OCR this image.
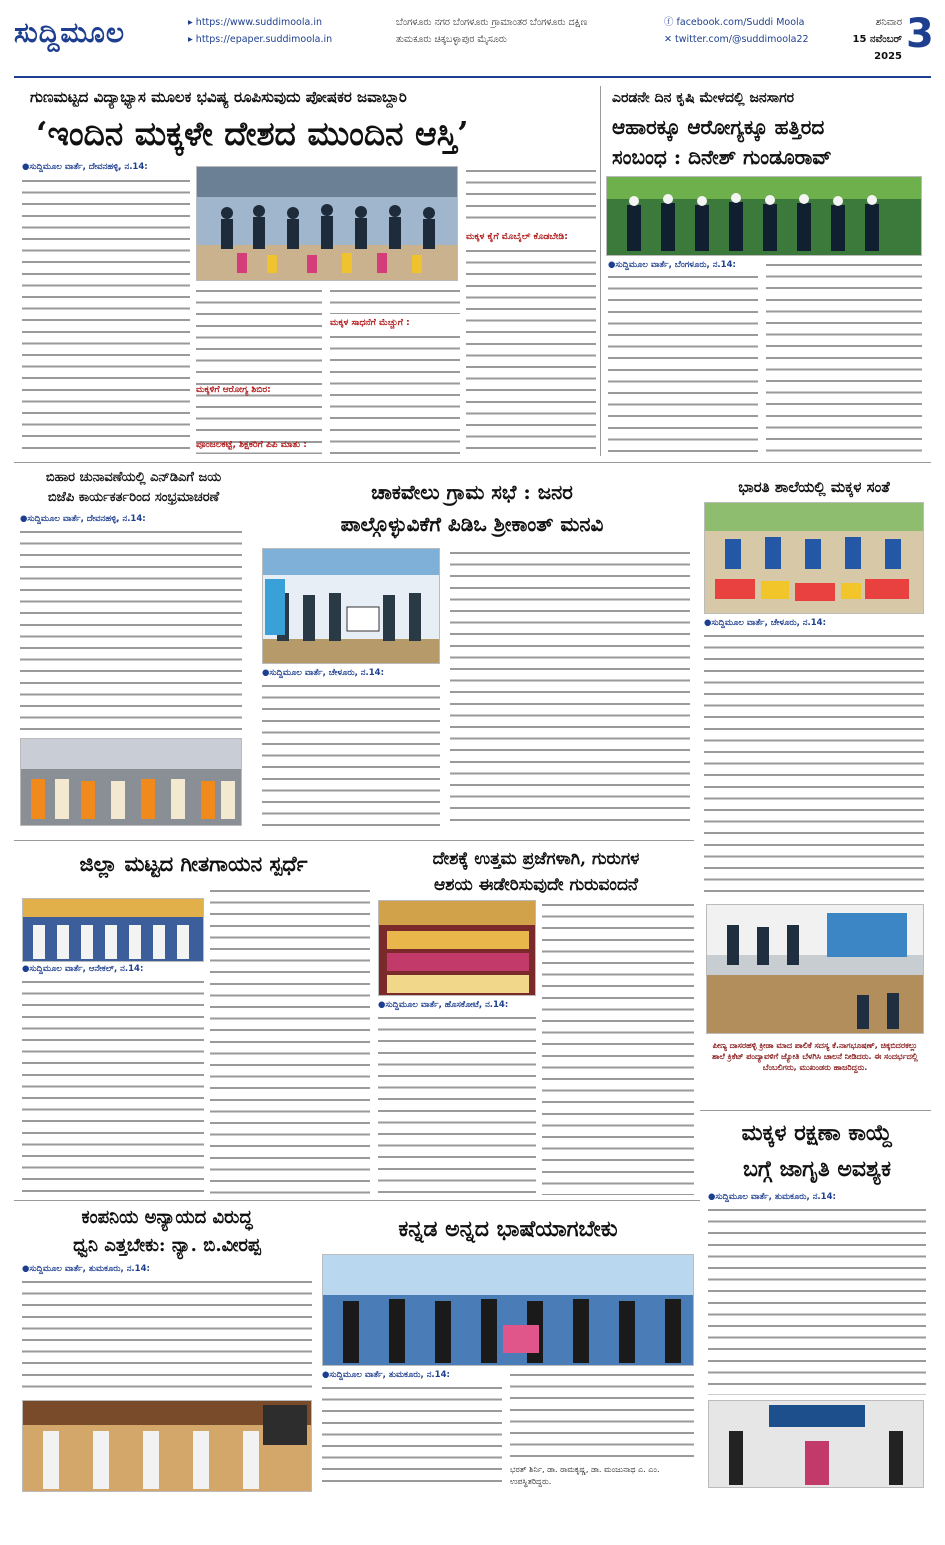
ಸುದ್ದಿಮೂಲ	▸ https://www.suddimoola.in
▸ https://epaper.suddimoola.in
ಬೆಂಗಳೂರು ನಗರ ಬೆಂಗಳೂರು ಗ್ರಾಮಾಂತರ ಬೆಂಗಳೂರು ದಕ್ಷಿಣ
ತುಮಕೂರು ಚಿಕ್ಕಬಳ್ಳಾಪುರ ಮೈಸೂರು
ⓕ facebook.com/Suddi Moola
✕ twitter.com/@suddimoola22
ಶನಿವಾರ
15 ನವೆಂಬರ್ 2025 3
ಗುಣಮಟ್ಟದ ವಿದ್ಯಾಭ್ಯಾಸ ಮೂಲಕ ಭವಿಷ್ಯ ರೂಪಿಸುವುದು ಪೋಷಕರ ಜವಾಬ್ದಾರಿ
‘ಇಂದಿನ ಮಕ್ಕಳೇ ದೇಶದ ಮುಂದಿನ ಆಸ್ತಿ’
●ಸುದ್ದಿಮೂಲ ವಾರ್ತೆ, ದೇವನಹಳ್ಳಿ, ನ.14:
ಮಕ್ಕಳ ಸಾಧನೆಗೆ ಮೆಚ್ಚುಗೆ :
ಮಕ್ಕಳಿಗೆ ಆರೋಗ್ಯ ಶಿಬಿರ:
ಮಕ್ಕಳ ಕೈಗೆ ಮೊಬೈಲ್ ಕೊಡಬೇಡಿ:
ಪೂಂಜಲಕಟ್ಟೆ, ಶಿಕ್ಷಕರಿಗೆ ಪಿಪಿ ಮಾತು :
ಎರಡನೇ ದಿನ ಕೃಷಿ ಮೇಳದಲ್ಲಿ ಜನಸಾಗರ
ಆಹಾರಕ್ಕೂ ಆರೋಗ್ಯಕ್ಕೂ ಹತ್ತಿರದ
ಸಂಬಂಧ : ದಿನೇಶ್ ಗುಂಡೂರಾವ್
●ಸುದ್ದಿಮೂಲ ವಾರ್ತೆ, ಬೆಂಗಳೂರು, ನ.14:
ಬಿಹಾರ ಚುನಾವಣೆಯಲ್ಲಿ ಎನ್‌ಡಿಎಗೆ ಜಯ
ಬಿಜೆಪಿ ಕಾರ್ಯಕರ್ತರಿಂದ ಸಂಭ್ರಮಾಚರಣೆ
●ಸುದ್ದಿಮೂಲ ವಾರ್ತೆ, ದೇವನಹಳ್ಳಿ, ನ.14:
ಚಾಕವೇಲು ಗ್ರಾಮ ಸಭೆ : ಜನರ
ಪಾಲ್ಗೊಳ್ಳುವಿಕೆಗೆ ಪಿಡಿಒ ಶ್ರೀಕಾಂತ್ ಮನವಿ
●ಸುದ್ದಿಮೂಲ ವಾರ್ತೆ, ಚೇಳೂರು, ನ.14:
ಭಾರತಿ ಶಾಲೆಯಲ್ಲಿ ಮಕ್ಕಳ ಸಂತೆ
●ಸುದ್ದಿಮೂಲ ವಾರ್ತೆ, ಚೇಳೂರು, ನ.14:
ಜಿಲ್ಲಾ ಮಟ್ಟದ ಗೀತಗಾಯನ ಸ್ಪರ್ಧೆ
●ಸುದ್ದಿಮೂಲ ವಾರ್ತೆ, ಆನೇಕಲ್, ನ.14:
ದೇಶಕ್ಕೆ ಉತ್ತಮ ಪ್ರಜೆಗಳಾಗಿ, ಗುರುಗಳ
ಆಶಯ ಈಡೇರಿಸುವುದೇ ಗುರುವಂದನೆ
●ಸುದ್ದಿಮೂಲ ವಾರ್ತೆ, ಹೊಸಕೋಟೆ, ನ.14:
ಪೀಣ್ಯ ದಾಸರಹಳ್ಳಿ ಕ್ರೀಡಾ ಮಾದ ಪಾಲಿಕೆ ಸದಸ್ಯ ಕೆ.ನಾಗಭೂಷಣ್, ಚಿಕ್ಕಬಿದರಕಲ್ಲು ಶಾಲೆ ಕ್ರಿಕೆಟ್ ಪಂದ್ಯಾವಳಿಗೆ ಜ್ಯೋತಿ ಬೆಳಗಿಸಿ ಚಾಲನೆ ನೀಡಿದರು. ಈ ಸಂದರ್ಭದಲ್ಲಿ ಬೆಂಬಲಿಗರು, ಮುಖಂಡರು ಹಾಜರಿದ್ದರು.
ಮಕ್ಕಳ ರಕ್ಷಣಾ ಕಾಯ್ದೆ
ಬಗ್ಗೆ ಜಾಗೃತಿ ಅವಶ್ಯಕ
●ಸುದ್ದಿಮೂಲ ವಾರ್ತೆ, ತುಮಕೂರು, ನ.14:
ಕಂಪನಿಯ ಅನ್ಯಾಯದ ವಿರುದ್ಧ
ಧ್ವನಿ ಎತ್ತಬೇಕು: ನ್ಯಾ. ಬಿ.ವೀರಪ್ಪ
●ಸುದ್ದಿಮೂಲ ವಾರ್ತೆ, ತುಮಕೂರು, ನ.14:
ಕನ್ನಡ ಅನ್ನದ ಭಾಷೆಯಾಗಬೇಕು
●ಸುದ್ದಿಮೂಲ ವಾರ್ತೆ, ತುಮಕೂರು, ನ.14:
ಭರತ್ ಶಿರ್ನಿ, ಡಾ. ರಾಮಕೃಷ್ಣ, ಡಾ. ಮಂಜುನಾಥ ಎ. ಎಂ. ಉಪಸ್ಥಿತರಿದ್ದರು.
